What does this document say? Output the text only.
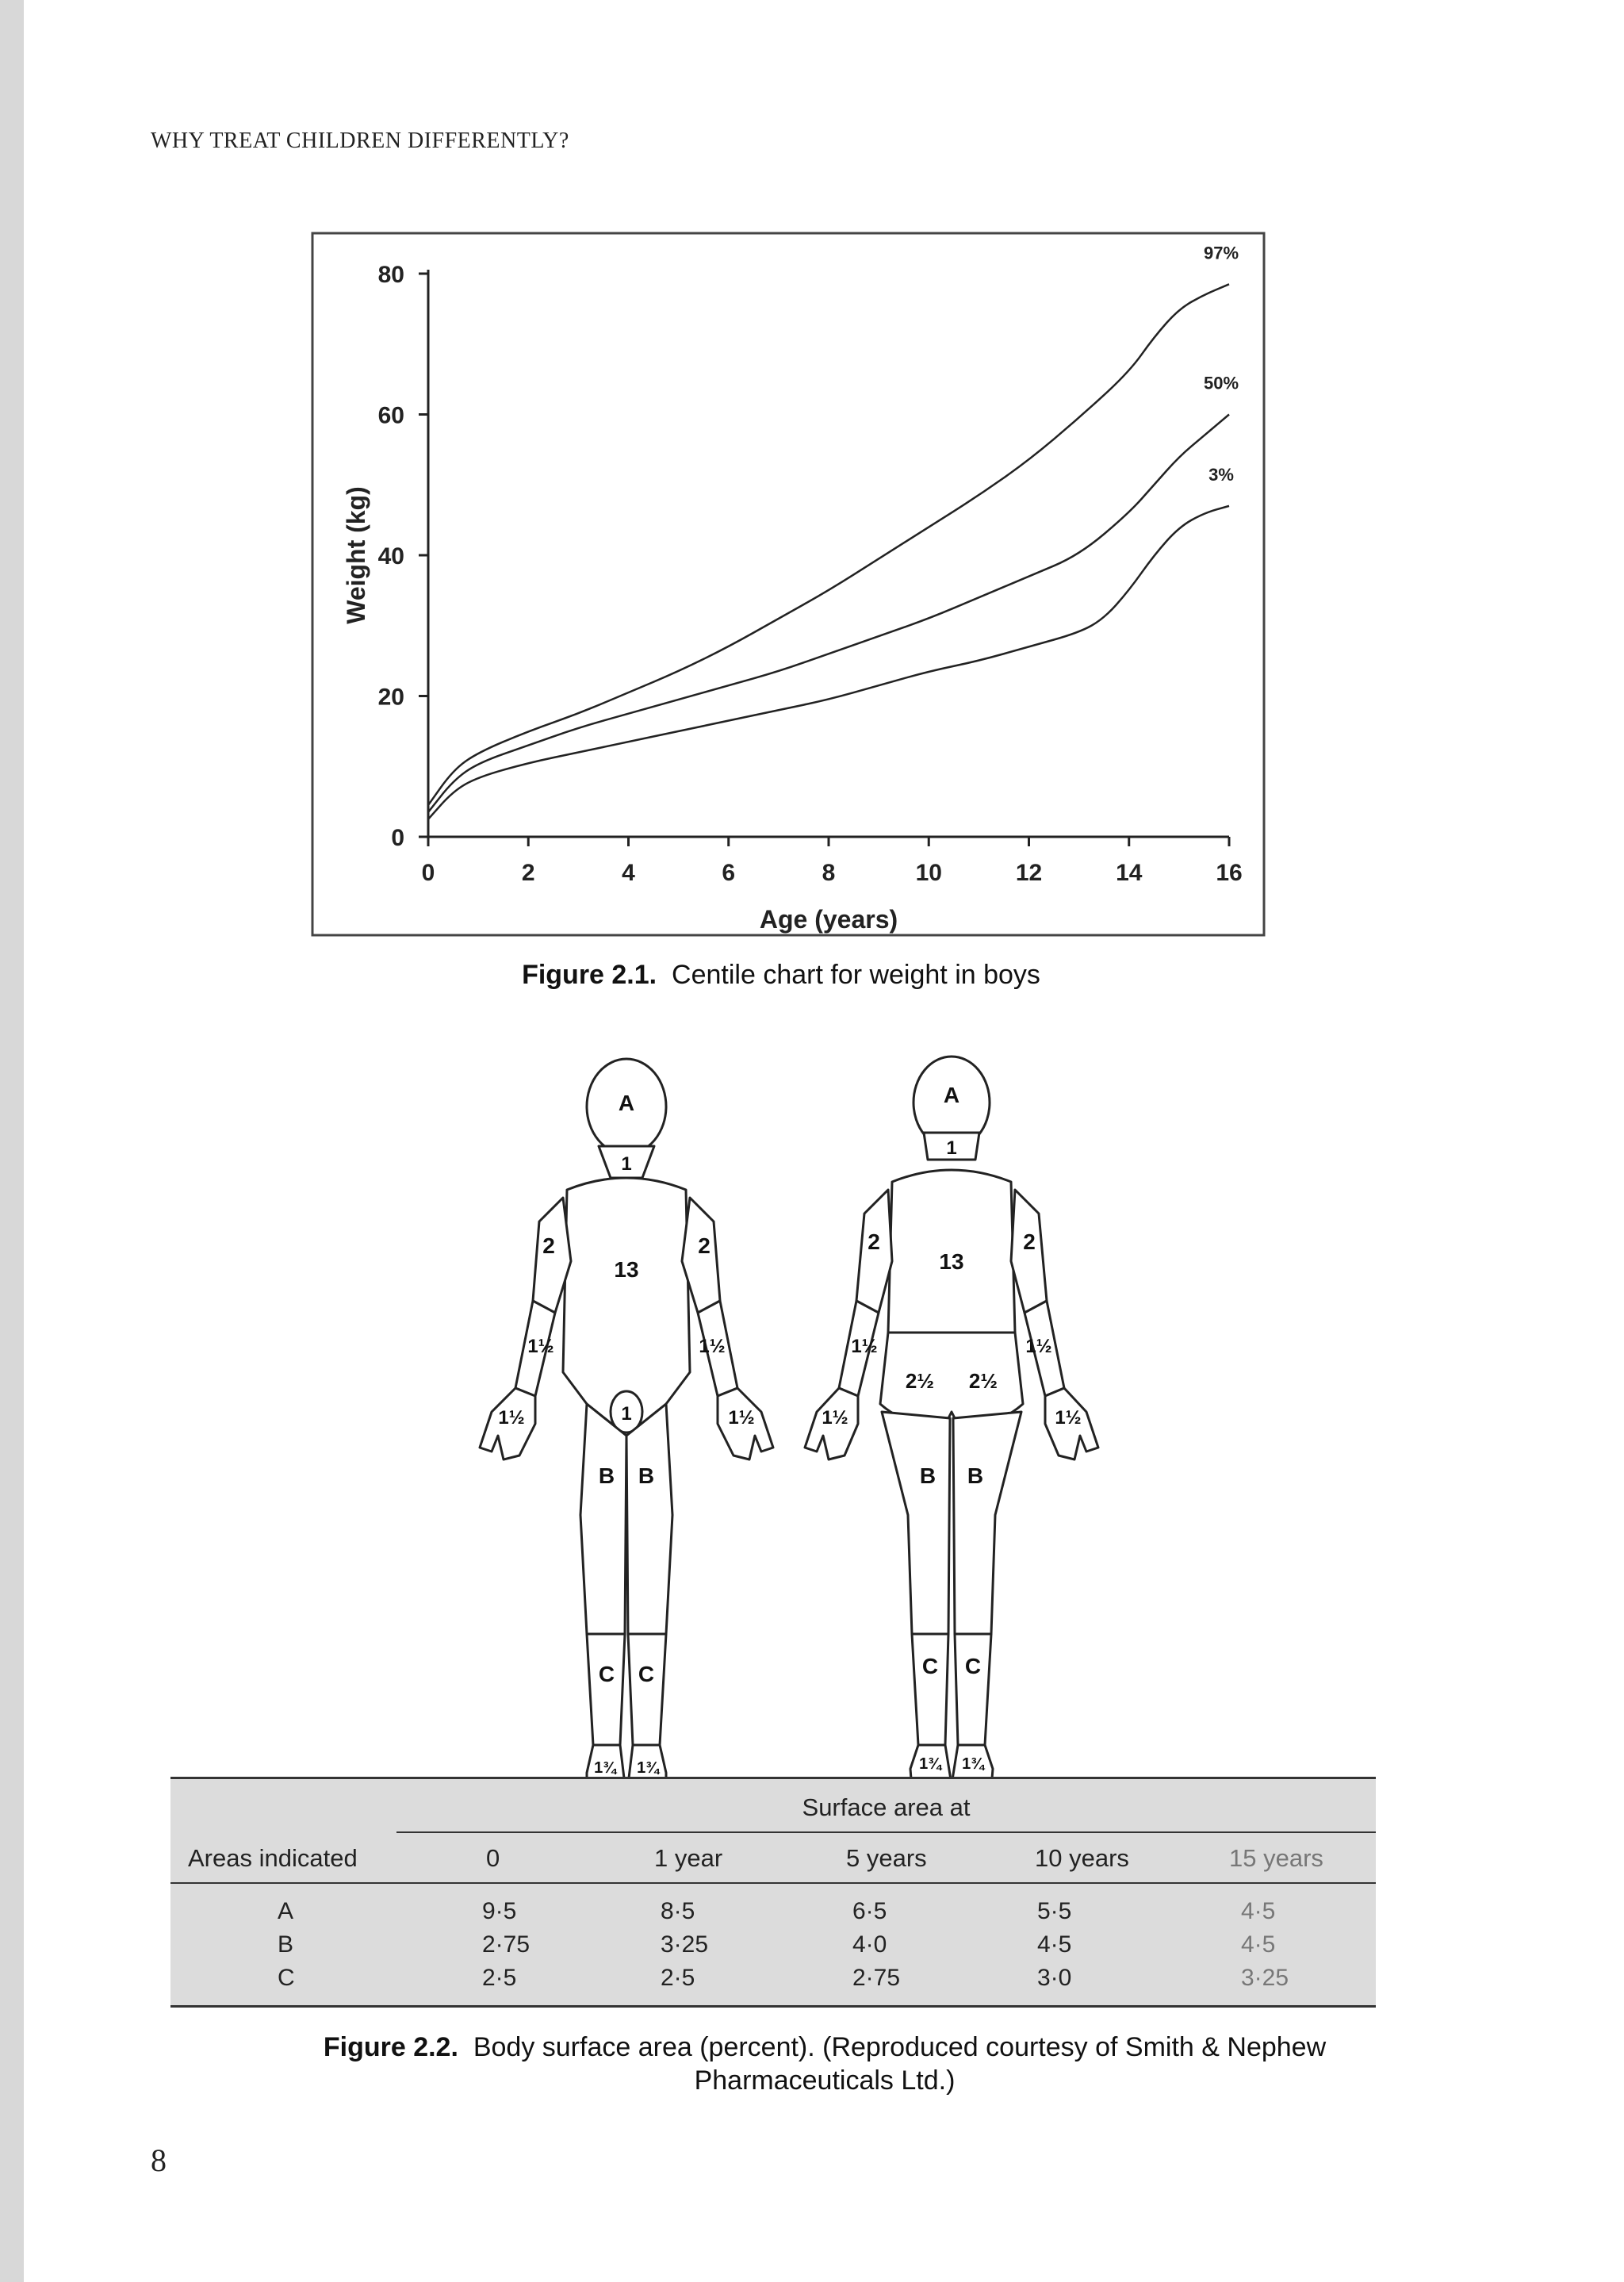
WHY TREAT CHILDREN DIFFERENTLY?
0	2	4	6	8	10	12	14	16
0
20
40
60
80
Age (years)
Weight (kg)
97%
50%
3%
Figure 2.1. Centile chart for weight in boys
A
1
13
2	2
1½	1½
1½	1½
1
B B
C C
1¾ 1¾
A
1
13
2	2
1½	1½
1½	1½
2½ 2½
B B
C C
1¾ 1¾
Surface area at
Areas indicated	0	1 year	5 years	10 years	15 years
A	9·5	8·5	6·5	5·5	4·5
B	2·75	3·25	4·0	4·5	4·5
C	2·5	2·5	2·75	3·0	3·25
Figure 2.2. Body surface area (percent). (Reproduced courtesy of Smith & Nephew
Pharmaceuticals Ltd.)
8
